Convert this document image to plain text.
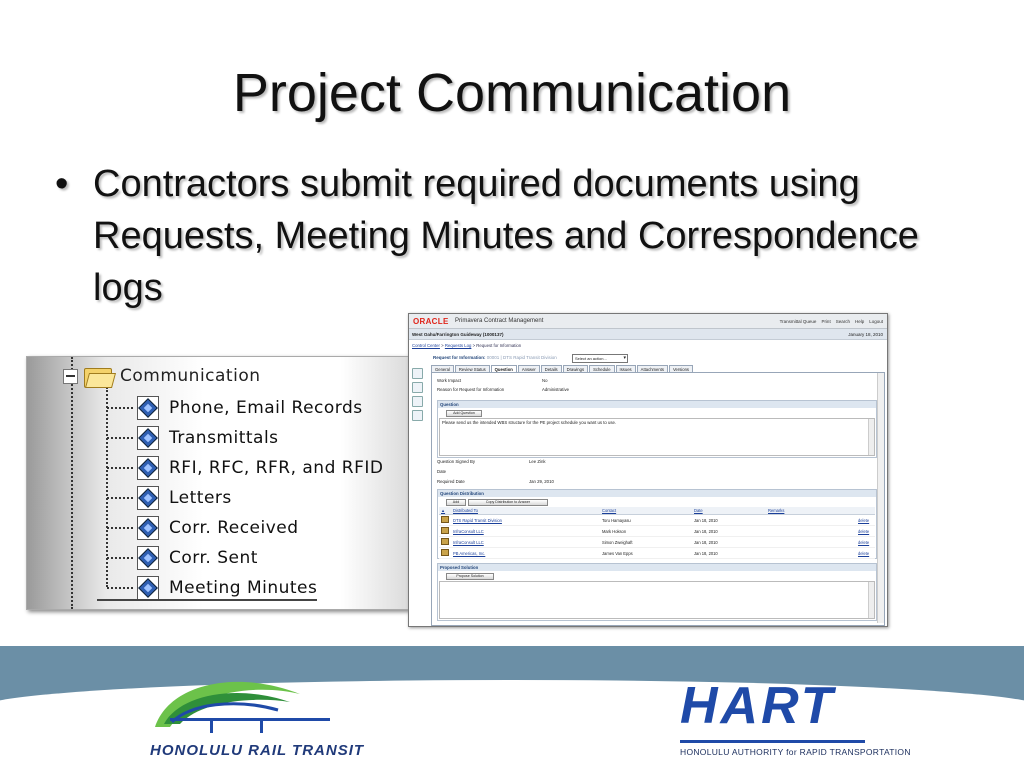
Project Communication
• Contractors submit required documents using Requests, Meeting Minutes and Correspondence logs
Communication
Phone, Email Records
Transmittals
RFI, RFC, RFR, and RFID
Letters
Corr. Received
Corr. Sent
Meeting Minutes
ORACLE Primavera Contract Management	Transmittal Queue Print Search Help Logout
West Oahu/Farrington Guideway (1000137)	January 18, 2010
Control Center > Requests Log > Request for Information
Request for Information: 00001 | DTS Rapid Transit Division	Select an action... ▾
General	Review Status	Question	Answer	Details	Drawings	Schedule	Issues	Attachments	Versions
Work Impact	No
Reason for Request for Information	Administrative
Question
Add Question
Please send us the intended WBS structure for the PE project schedule you want us to use.
Question Signed By	Lee Zink
Date
Required Date	Jan 29, 2010
Question Distribution
Add	Copy Distribution to Answer
▲	Distributed To	Contact	Date	Remarks	
	DTS Rapid Transit Division	Toru Hamayasu	Jan 18, 2010		delete
	InfraConsult LLC	Mark Hokson	Jan 18, 2010		delete
	InfraConsult LLC	Simon Zweighaft	Jan 18, 2010		delete
	PB Americas, Inc.	James Van Epps	Jan 18, 2010		delete
Proposed Solution
Propose Solution
HONOLULU RAIL TRANSIT
HART
HONOLULU AUTHORITY for RAPID TRANSPORTATION
